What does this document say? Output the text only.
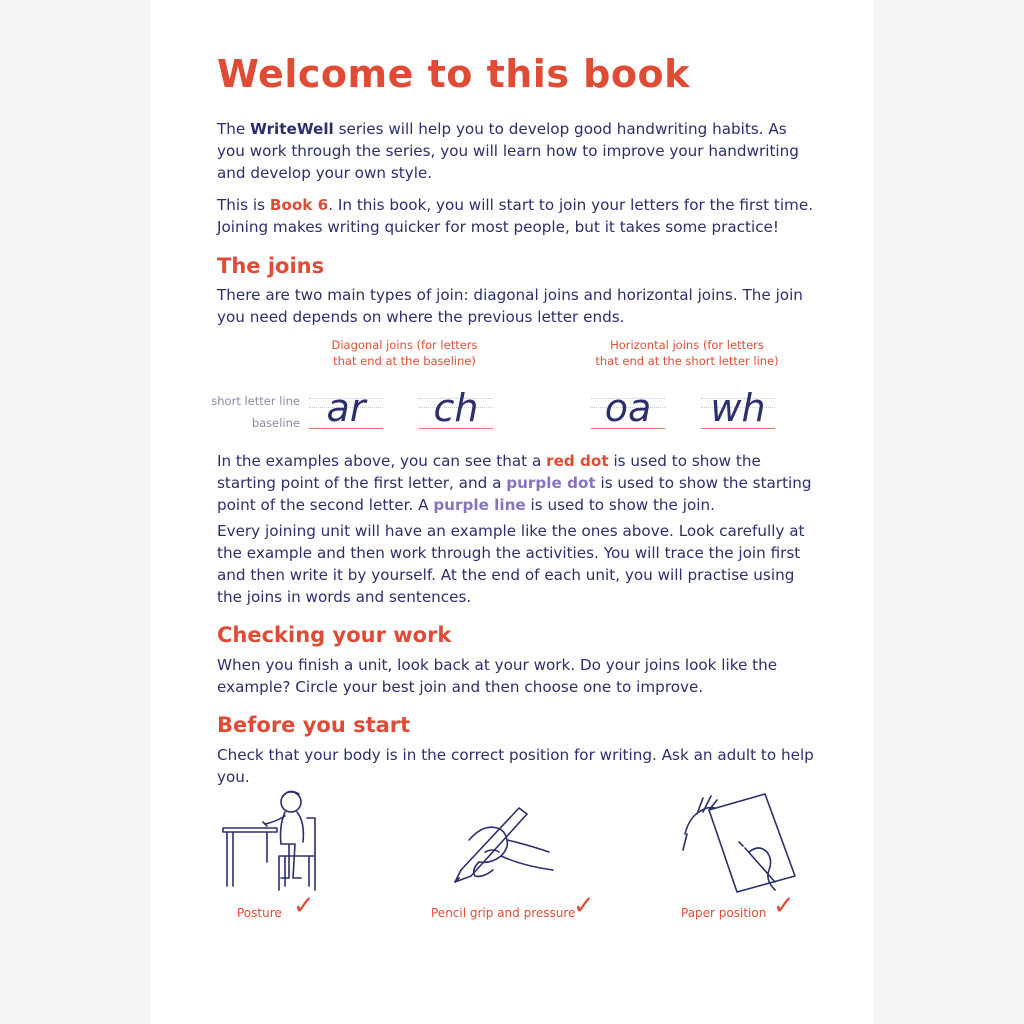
Welcome to this book

The WriteWell series will help you to develop good handwriting habits. As you work through the series, you will learn how to improve your handwriting and develop your own style.

This is Book 6. In this book, you will start to join your letters for the first time. Joining makes writing quicker for most people, but it takes some practice!

The joins

There are two main types of join: diagonal joins and horizontal joins. The join you need depends on where the previous letter ends.

Diagonal joins (for letters
that end at the baseline)
Horizontal joins (for letters
that end at the short letter line)
short letter line
baseline ar	ch	oa	wh

In the examples above, you can see that a red dot is used to show the starting point of the first letter, and a purple dot is used to show the starting point of the second letter. A purple line is used to show the join.

Every joining unit will have an example like the ones above. Look carefully at the example and then work through the activities. You will trace the join first and then write it by yourself. At the end of each unit, you will practise using the joins in words and sentences.

Checking your work

When you finish a unit, look back at your work. Do your joins look like the example? Circle your best join and then choose one to improve.

Before you start

Check that your body is in the correct position for writing. Ask an adult to help you.

Posture ✓	Pencil grip and pressure
✓	Paper position ✓
